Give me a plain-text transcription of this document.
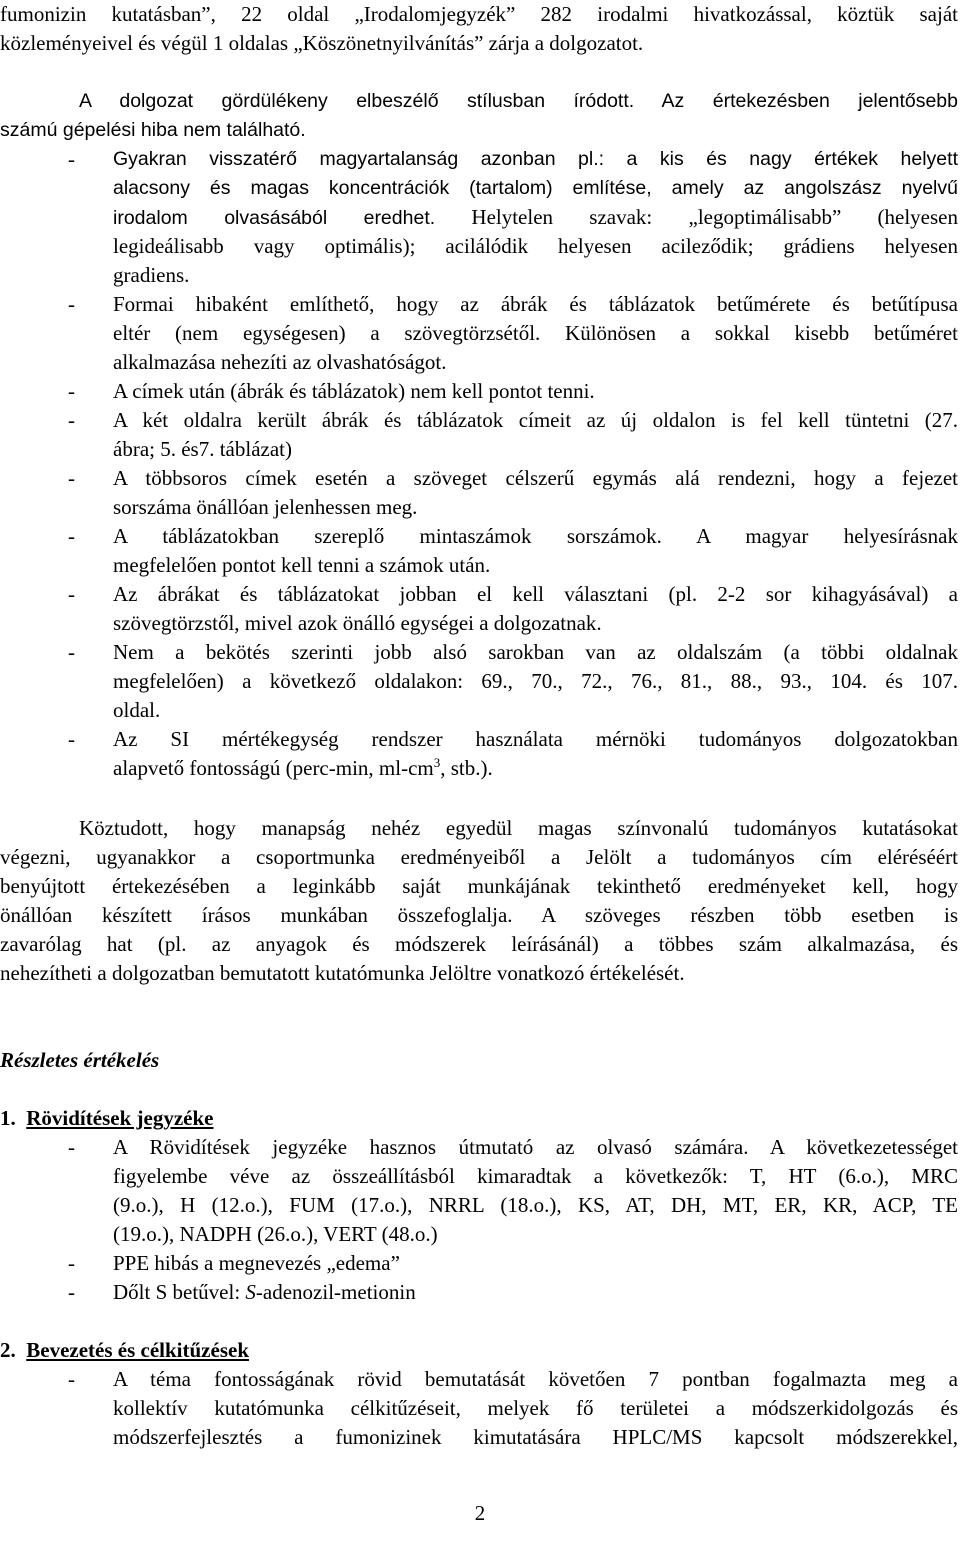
fumonizin kutatásban”, 22 oldal „Irodalomjegyzék” 282 irodalmi hivatkozással, köztük saját
közleményeivel és végül 1 oldalas „Köszönetnyilvánítás” zárja a dolgozatot.
A dolgozat gördülékeny elbeszélő stílusban íródott. Az értekezésben jelentősebb
számú gépelési hiba nem található.
- Gyakran visszatérő magyartalanság azonban pl.: a kis és nagy értékek helyett
alacsony és magas koncentrációk (tartalom) említése, amely az angolszász nyelvű
irodalom olvasásából eredhet. Helytelen szavak: „legoptimálisabb” (helyesen
legideálisabb vagy optimális); acilálódik helyesen acileződik; grádiens helyesen
gradiens.
- Formai hibaként említhető, hogy az ábrák és táblázatok betűmérete és betűtípusa
eltér (nem egységesen) a szövegtörzsétől. Különösen a sokkal kisebb betűméret
alkalmazása nehezíti az olvashatóságot.
- A címek után (ábrák és táblázatok) nem kell pontot tenni.
- A két oldalra került ábrák és táblázatok címeit az új oldalon is fel kell tüntetni (27.
ábra; 5. és7. táblázat)
- A többsoros címek esetén a szöveget célszerű egymás alá rendezni, hogy a fejezet
sorszáma önállóan jelenhessen meg.
- A táblázatokban szereplő mintaszámok sorszámok. A magyar helyesírásnak
megfelelően pontot kell tenni a számok után.
- Az ábrákat és táblázatokat jobban el kell választani (pl. 2-2 sor kihagyásával) a
szövegtörzstől, mivel azok önálló egységei a dolgozatnak.
- Nem a bekötés szerinti jobb alsó sarokban van az oldalszám (a többi oldalnak
megfelelően) a következő oldalakon: 69., 70., 72., 76., 81., 88., 93., 104. és 107.
oldal.
- Az SI mértékegység rendszer használata mérnöki tudományos dolgozatokban
alapvető fontosságú (perc-min, $ml-cm^3$, stb.).
Köztudott, hogy manapság nehéz egyedül magas színvonalú tudományos kutatásokat
végezni, ugyanakkor a csoportmunka eredményeiből a Jelölt a tudományos cím eléréséért
benyújtott értekezésében a leginkább saját munkájának tekinthető eredményeket kell, hogy
önállóan készített írásos munkában összefoglalja. A szöveges részben több esetben is
zavarólag hat (pl. az anyagok és módszerek leírásánál) a többes szám alkalmazása, és
nehezítheti a dolgozatban bemutatott kutatómunka Jelöltre vonatkozó értékelését.
Részletes értékelés
1. Rövidítések jegyzéke
- A Rövidítések jegyzéke hasznos útmutató az olvasó számára. A következetességet
figyelembe véve az összeállításból kimaradtak a következők: T, HT (6.o.), MRC
(9.o.), H (12.o.), FUM (17.o.), NRRL (18.o.), KS, AT, DH, MT, ER, KR, ACP, TE
(19.o.), NADPH (26.o.), VERT (48.o.)
- PPE hibás a megnevezés „edema”
- Dőlt S betűvel: S-adenozil-metionin
2. Bevezetés és célkitűzések
- A téma fontosságának rövid bemutatását követően 7 pontban fogalmazta meg a
kollektív kutatómunka célkitűzéseit, melyek fő területei a módszerkidolgozás és
módszerfejlesztés a fumonizinek kimutatására HPLC/MS kapcsolt módszerekkel,
2
